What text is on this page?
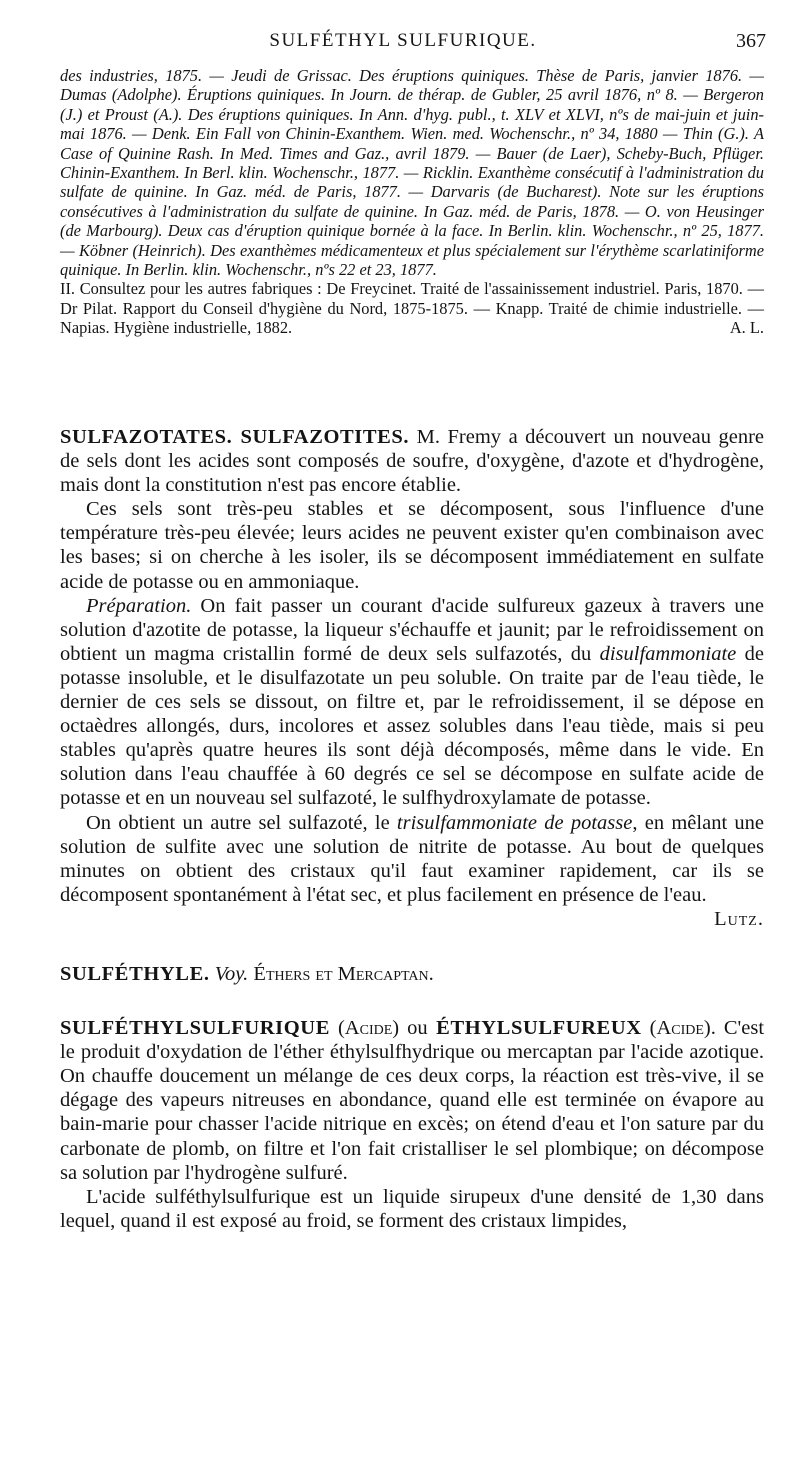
SULFÉTHYL SULFURIQUE.	367

des industries, 1875. — Jeudi de Grissac. Des éruptions quiniques. Thèse de Paris, janvier 1876. — Dumas (Adolphe). Éruptions quiniques. In Journ. de thérap. de Gubler, 25 avril 1876, nº 8. — Bergeron (J.) et Proust (A.). Des éruptions quiniques. In Ann. d'hyg. publ., t. XLV et XLVI, nºs de mai-juin et juin-mai 1876. — Denk. Ein Fall von Chinin-Exanthem. Wien. med. Wochenschr., nº 34, 1880 — Thin (G.). A Case of Quinine Rash. In Med. Times and Gaz., avril 1879. — Bauer (de Laer), Scheby-Buch, Pflüger. Chinin-Exanthem. In Berl. klin. Wochenschr., 1877. — Ricklin. Exanthème consécutif à l'administration du sulfate de quinine. In Gaz. méd. de Paris, 1877. — Darvaris (de Bucharest). Note sur les éruptions consécutives à l'administration du sulfate de quinine. In Gaz. méd. de Paris, 1878. — O. von Heusinger (de Marbourg). Deux cas d'éruption quinique bornée à la face. In Berlin. klin. Wochenschr., nº 25, 1877. — Köbner (Heinrich). Des exanthèmes médicamenteux et plus spécialement sur l'érythème scarlatiniforme quinique. In Berlin. klin. Wochenschr., nºs 22 et 23, 1877.

II. Consultez pour les autres fabriques : De Freycinet. Traité de l'assainissement industriel. Paris, 1870. — Dr Pilat. Rapport du Conseil d'hygiène du Nord, 1875-1875. — Knapp. Traité de chimie industrielle. — Napias. Hygiène industrielle, 1882.	A. L.

SULFAZOTATES. SULFAZOTITES. M. Fremy a découvert un nouveau genre de sels dont les acides sont composés de soufre, d'oxygène, d'azote et d'hydrogène, mais dont la constitution n'est pas encore établie.

Ces sels sont très-peu stables et se décomposent, sous l'influence d'une température très-peu élevée; leurs acides ne peuvent exister qu'en combinaison avec les bases; si on cherche à les isoler, ils se décomposent immédiatement en sulfate acide de potasse ou en ammoniaque.

Préparation. On fait passer un courant d'acide sulfureux gazeux à travers une solution d'azotite de potasse, la liqueur s'échauffe et jaunit; par le refroidissement on obtient un magma cristallin formé de deux sels sulfazotés, du disulfammoniate de potasse insoluble, et le disulfazotate un peu soluble. On traite par de l'eau tiède, le dernier de ces sels se dissout, on filtre et, par le refroidissement, il se dépose en octaèdres allongés, durs, incolores et assez solubles dans l'eau tiède, mais si peu stables qu'après quatre heures ils sont déjà décomposés, même dans le vide. En solution dans l'eau chauffée à 60 degrés ce sel se décompose en sulfate acide de potasse et en un nouveau sel sulfazoté, le sulfhydroxylamate de potasse.

On obtient un autre sel sulfazoté, le trisulfammoniate de potasse, en mêlant une solution de sulfite avec une solution de nitrite de potasse. Au bout de quelques minutes on obtient des cristaux qu'il faut examiner rapidement, car ils se décomposent spontanément à l'état sec, et plus facilement en présence de l'eau.
Lutz.

SULFÉTHYLE. Voy. Éthers et Mercaptan.

SULFÉTHYLSULFURIQUE (Acide) ou ÉTHYLSULFUREUX (Acide). C'est le produit d'oxydation de l'éther éthylsulfhydrique ou mercaptan par l'acide azotique. On chauffe doucement un mélange de ces deux corps, la réaction est très-vive, il se dégage des vapeurs nitreuses en abondance, quand elle est terminée on évapore au bain-marie pour chasser l'acide nitrique en excès; on étend d'eau et l'on sature par du carbonate de plomb, on filtre et l'on fait cristalliser le sel plombique; on décompose sa solution par l'hydrogène sulfuré.

L'acide sulféthylsulfurique est un liquide sirupeux d'une densité de 1,30 dans lequel, quand il est exposé au froid, se forment des cristaux limpides,
